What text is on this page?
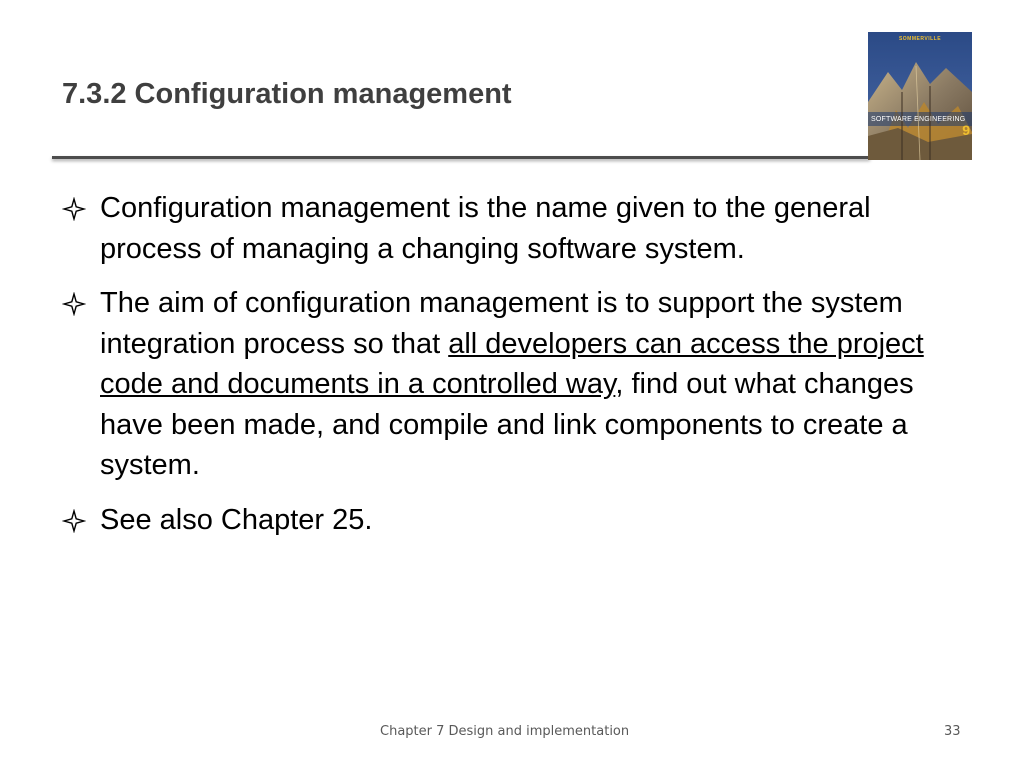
7.3.2 Configuration management
SOMMERVILLE
SOFTWARE ENGINEERING
9
Configuration management is the name given to the general process of managing a changing software system.
The aim of configuration management is to support the system integration process so that all developers can access the project code and documents in a controlled way, find out what changes have been made, and compile and link components to create a system.
See also Chapter 25.
Chapter 7 Design and implementation	33
